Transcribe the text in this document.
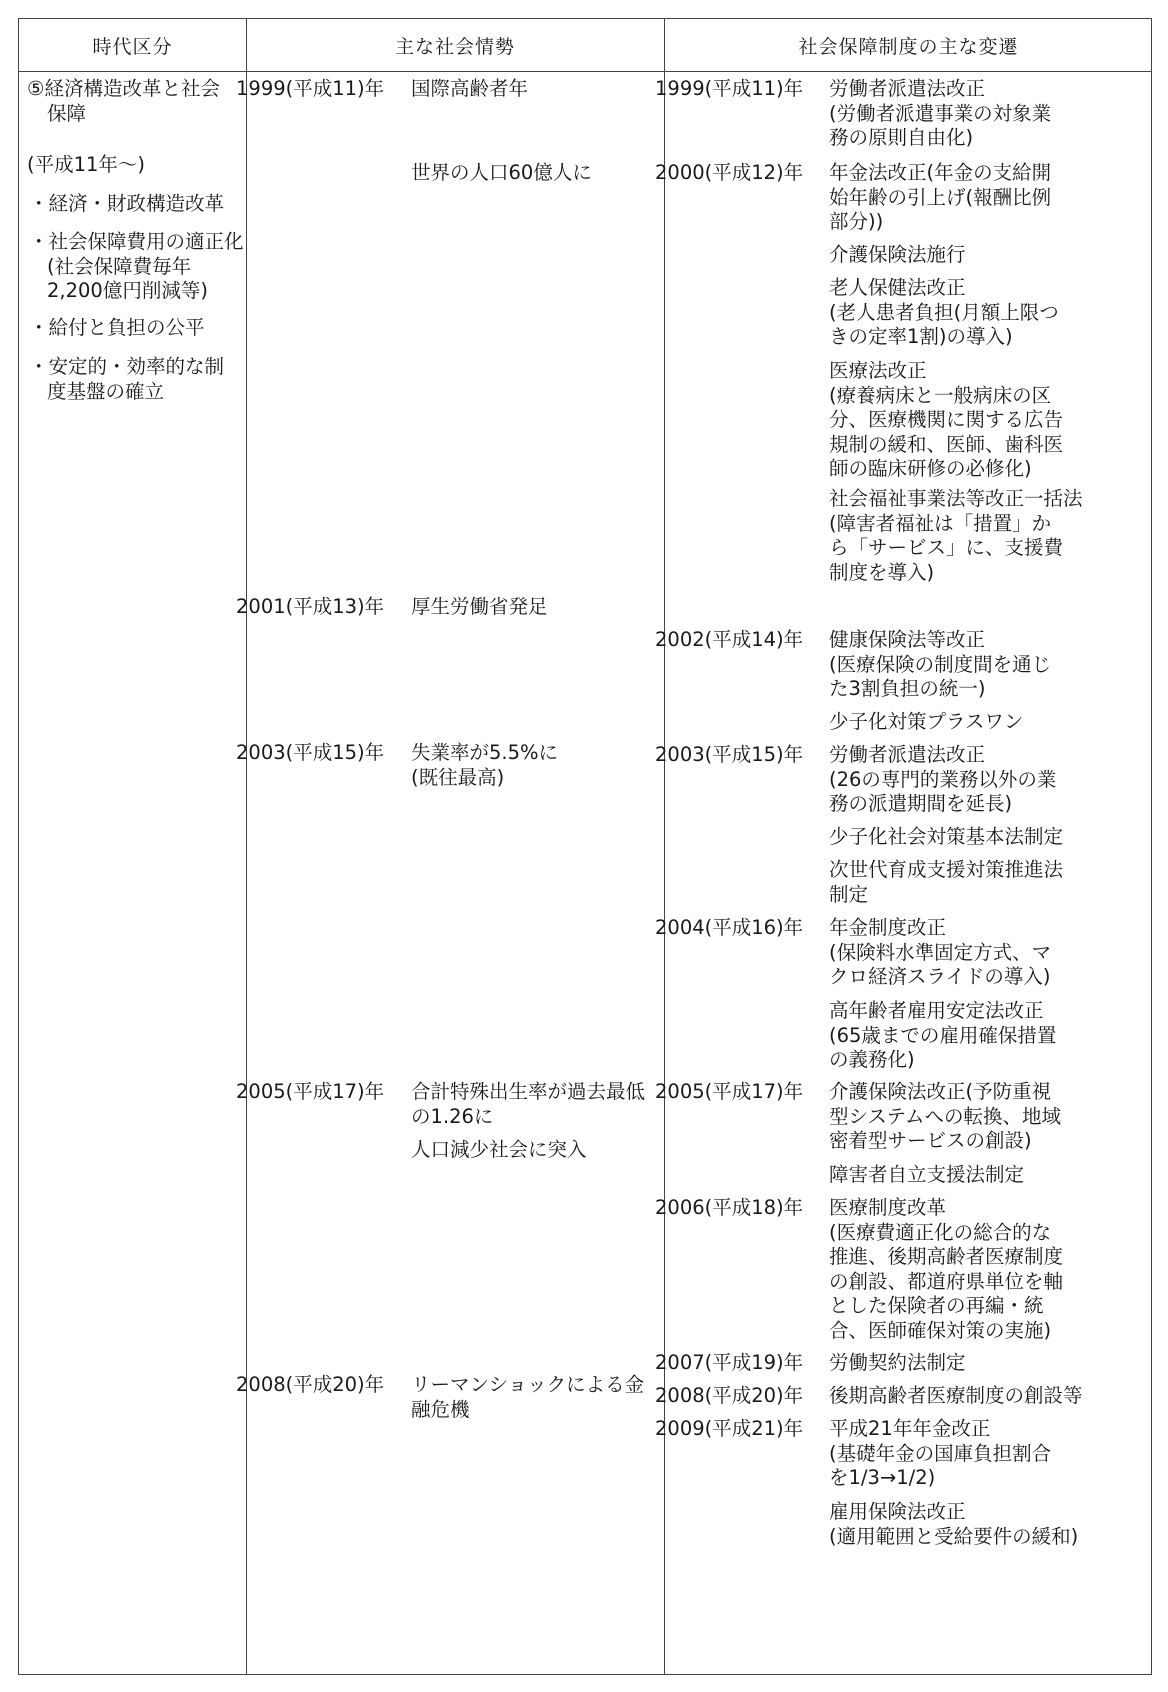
時代区分	主な社会情勢	社会保障制度の主な変遷
⑤経済構造改革と社会
保障
(平成11年〜)
・経済・財政構造改革
・社会保障費用の適正化
(社会保障費毎年
2,200億円削減等)
・給付と負担の公平
・安定的・効率的な制
度基盤の確立
1999(平成11)年 国際高齢者年
世界の人口60億人に
2001(平成13)年 厚生労働省発足
2003(平成15)年 失業率が5.5%に
(既往最高)
2005(平成17)年 合計特殊出生率が過去最低
の1.26に
人口減少社会に突入
2008(平成20)年 リーマンショックによる金
融危機
1999(平成11)年 労働者派遣法改正
(労働者派遣事業の対象業
務の原則自由化)
2000(平成12)年 年金法改正(年金の支給開
始年齢の引上げ(報酬比例
部分))
介護保険法施行
老人保健法改正
(老人患者負担(月額上限つ
きの定率1割)の導入)
医療法改正
(療養病床と一般病床の区
分、医療機関に関する広告
規制の緩和、医師、歯科医
師の臨床研修の必修化)
社会福祉事業法等改正一括法
(障害者福祉は「措置」か
ら「サービス」に、支援費
制度を導入)
2002(平成14)年 健康保険法等改正
(医療保険の制度間を通じ
た3割負担の統一)
少子化対策プラスワン
2003(平成15)年 労働者派遣法改正
(26の専門的業務以外の業
務の派遣期間を延長)
少子化社会対策基本法制定
次世代育成支援対策推進法
制定
2004(平成16)年 年金制度改正
(保険料水準固定方式、マ
クロ経済スライドの導入)
高年齢者雇用安定法改正
(65歳までの雇用確保措置
の義務化)
2005(平成17)年 介護保険法改正(予防重視
型システムへの転換、地域
密着型サービスの創設)
障害者自立支援法制定
2006(平成18)年 医療制度改革
(医療費適正化の総合的な
推進、後期高齢者医療制度
の創設、都道府県単位を軸
とした保険者の再編・統
合、医師確保対策の実施)
2007(平成19)年 労働契約法制定
2008(平成20)年 後期高齢者医療制度の創設等
2009(平成21)年 平成21年年金改正
(基礎年金の国庫負担割合
を1/3→1/2)
雇用保険法改正
(適用範囲と受給要件の緩和)
